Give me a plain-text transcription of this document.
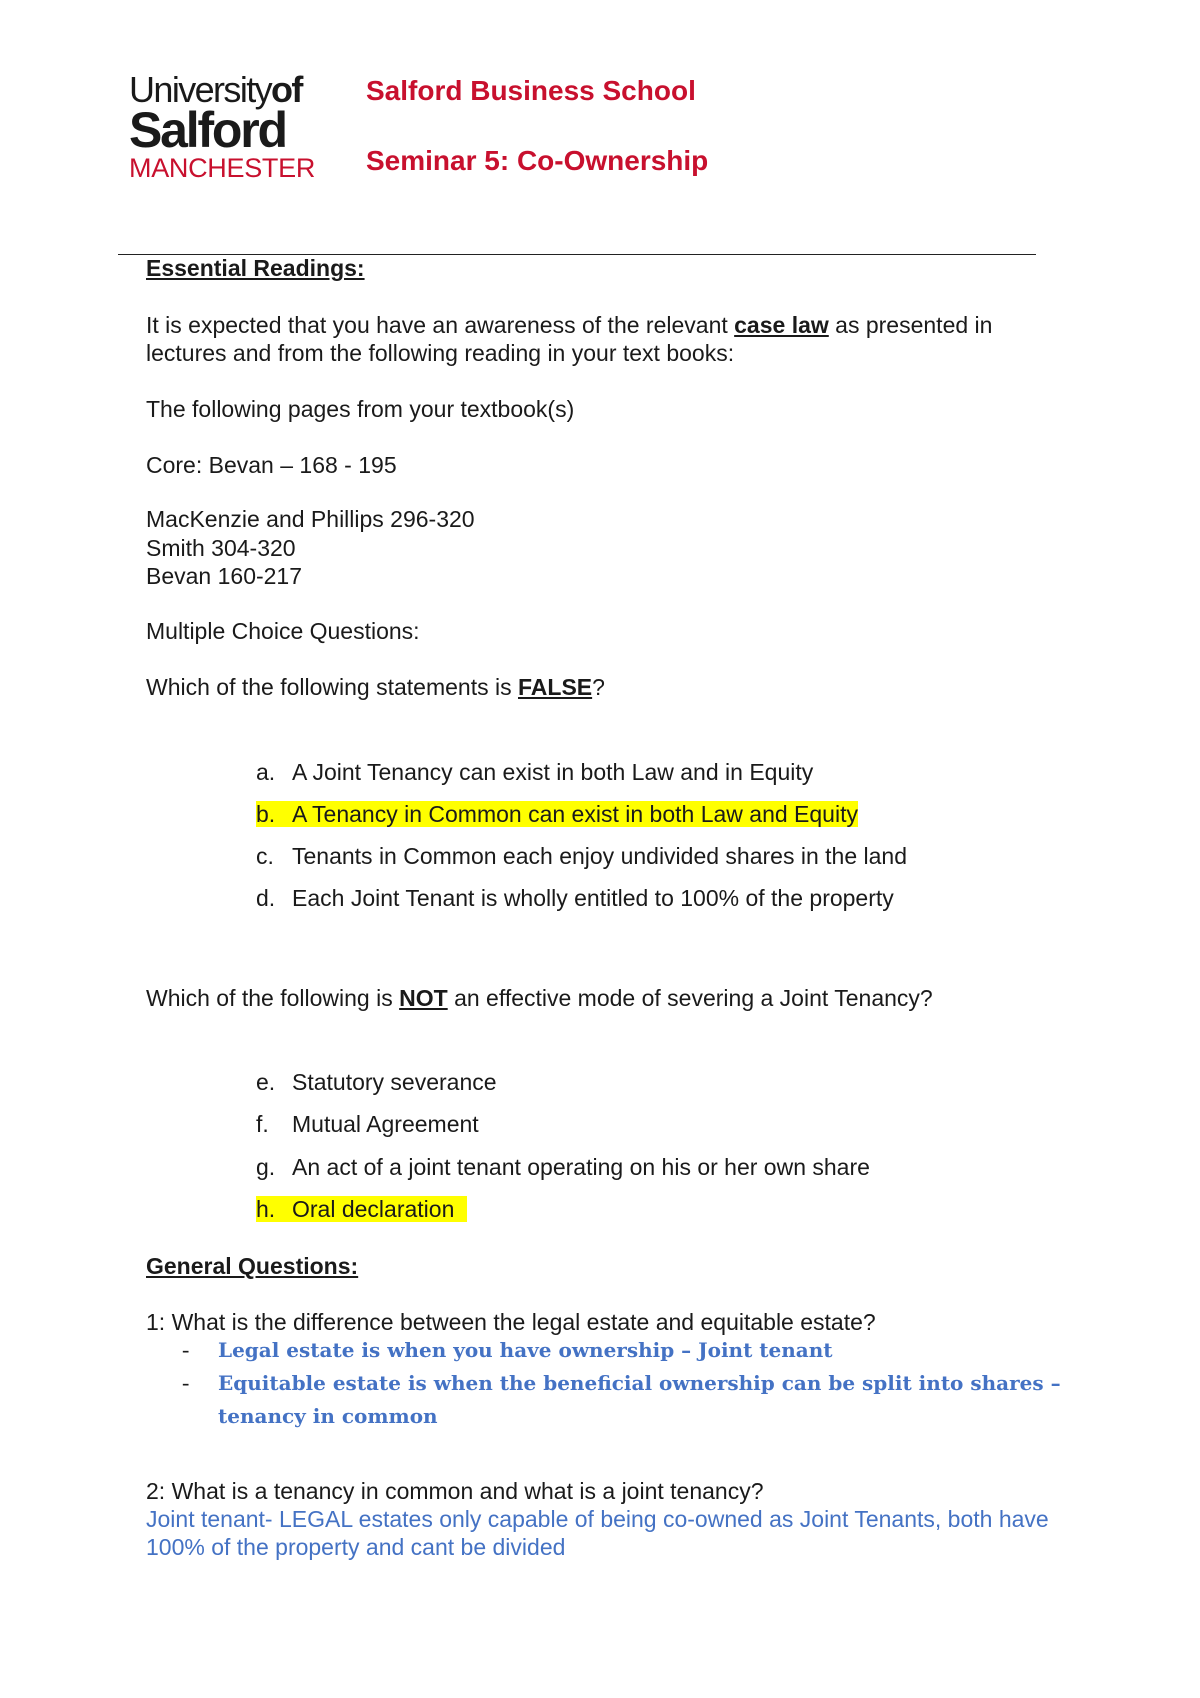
Universityof
Salford
MANCHESTER
Salford Business School
Seminar 5: Co-Ownership
Essential Readings:
It is expected that you have an awareness of the relevant case law as presented in
lectures and from the following reading in your text books:
The following pages from your textbook(s)
Core: Bevan – 168 - 195
MacKenzie and Phillips 296-320
Smith 304-320
Bevan 160-217
Multiple Choice Questions:
Which of the following statements is FALSE?
a. A Joint Tenancy can exist in both Law and in Equity
b. A Tenancy in Common can exist in both Law and Equity
c. Tenants in Common each enjoy undivided shares in the land
d. Each Joint Tenant is wholly entitled to 100% of the property
Which of the following is NOT an effective mode of severing a Joint Tenancy?
e. Statutory severance
f. Mutual Agreement
g. An act of a joint tenant operating on his or her own share
h. Oral declaration
General Questions:
1: What is the difference between the legal estate and equitable estate?
- Legal estate is when you have ownership – Joint tenant
- Equitable estate is when the beneficial ownership can be split into shares – tenancy in common
2: What is a tenancy in common and what is a joint tenancy?
Joint tenant- LEGAL estates only capable of being co-owned as Joint Tenants, both have 100% of the property and cant be divided
